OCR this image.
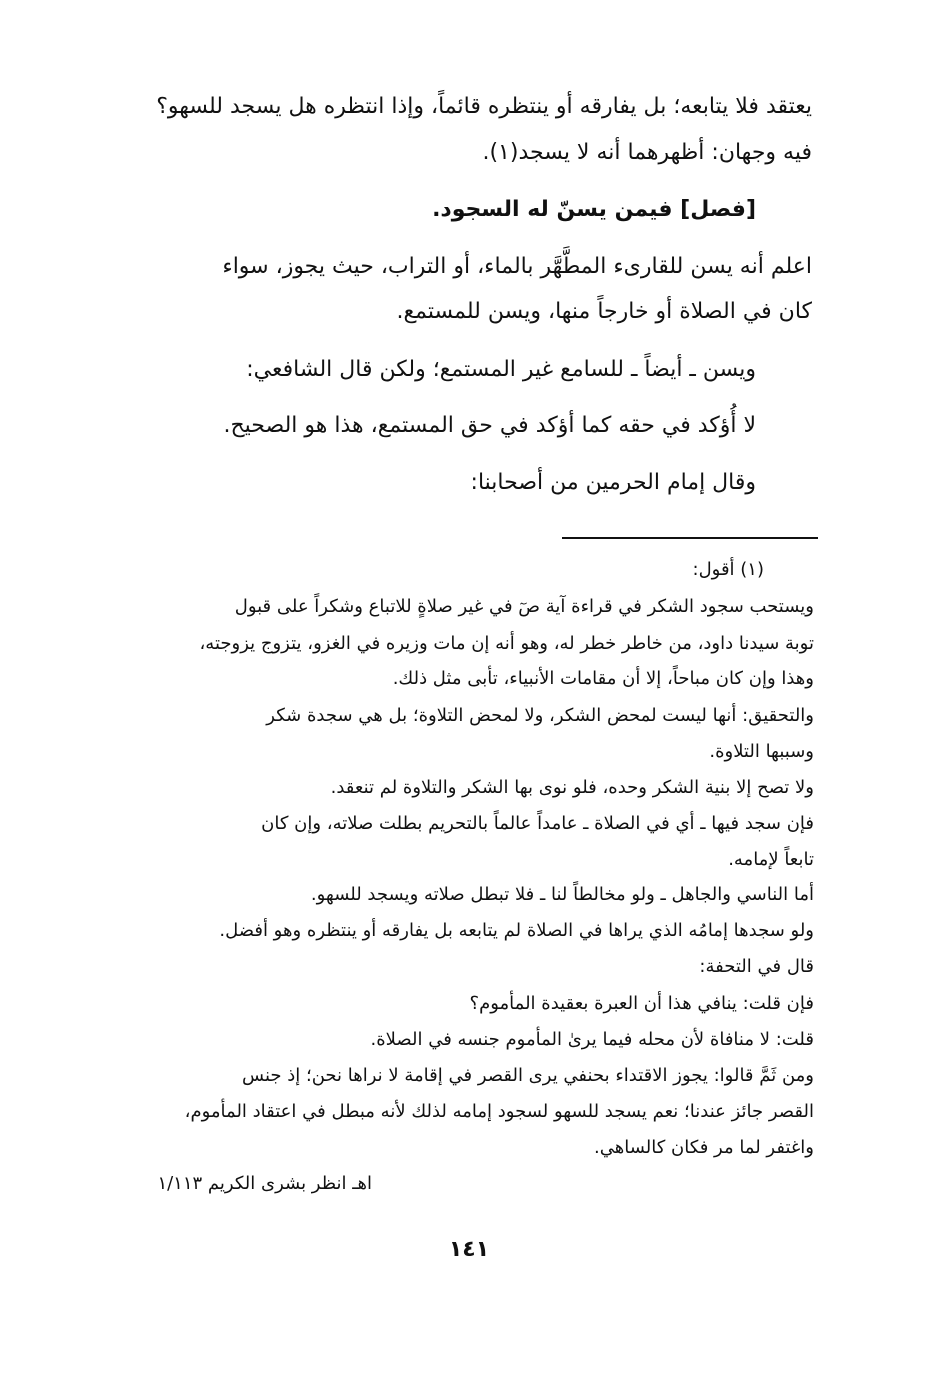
يعتقد فلا يتابعه؛ بل يفارقه أو ينتظره قائماً، وإذا انتظره هل يسجد للسهو؟
فيه وجهان: أظهرهما أنه لا يسجد(١).
[فصل] فيمن يسنّ له السجود.
اعلم أنه يسن للقارىء المطَّهَّر بالماء، أو التراب، حيث يجوز، سواء
كان في الصلاة أو خارجاً منها، ويسن للمستمع.
ويسن ـ أيضاً ـ للسامع غير المستمع؛ ولكن قال الشافعي:
لا أُؤكد في حقه كما أؤكد في حق المستمع، هذا هو الصحيح.
وقال إمام الحرمين من أصحابنا:
(١) أقول:
ويستحب سجود الشكر في قراءة آية صٓ في غير صلاةٍ للاتباع وشكراً على قبول
توبة سيدنا داود، من خاطر خطر له، وهو أنه إن مات وزيره في الغزو، يتزوج يزوجته،
وهذا وإن كان مباحاً، إلا أن مقامات الأنبياء، تأبى مثل ذلك.
والتحقيق: أنها ليست لمحض الشكر، ولا لمحض التلاوة؛ بل هي سجدة شكر
وسببها التلاوة.
ولا تصح إلا بنية الشكر وحده، فلو نوى بها الشكر والتلاوة لم تنعقد.
فإن سجد فيها ـ أي في الصلاة ـ عامداً عالماً بالتحريم بطلت صلاته، وإن كان
تابعاً لإمامه.
أما الناسي والجاهل ـ ولو مخالطاً لنا ـ فلا تبطل صلاته ويسجد للسهو.
ولو سجدها إمامُه الذي يراها في الصلاة لم يتابعه بل يفارقه أو ينتظره وهو أفضل.
قال في التحفة:
فإن قلت: ينافي هذا أن العبرة بعقيدة المأموم؟
قلت: لا منافاة لأن محله فيما يرىٰ المأموم جنسه في الصلاة.
ومن ثَمَّ قالوا: يجوز الاقتداء بحنفي يرى القصر في إقامة لا نراها نحن؛ إذ جنس
القصر جائز عندنا؛ نعم يسجد للسهو لسجود إمامه لذلك لأنه مبطل في اعتقاد المأموم،
واغتفر لما مر فكان كالساهي.
اهـ انظر بشرى الكريم ١/١١٣
١٤١
